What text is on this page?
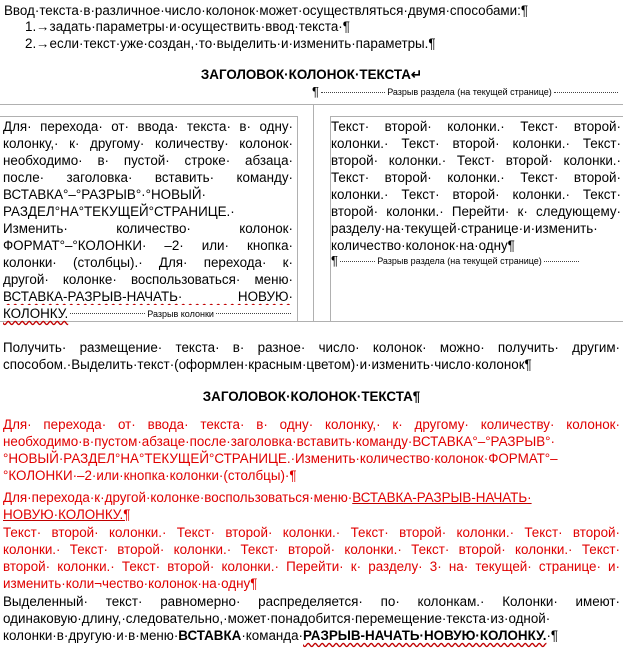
Ввод·текста·в·различное·число·колонок·может·осуществляться·двумя·способами:¶
1.→задать·параметры·и·осуществить·ввод·текста·¶
2.→если·текст·уже·создан,·то·выделить·и·изменить·параметры.¶
ЗАГОЛОВОК·КОЛОНОК·ТЕКСТА↵
¶	Разрыв раздела (на текущей странице)
Для· перехода· от· ввода· текста· в· одну·
колонку,· к· другому· количеству· колонок·
необходимо· в· пустой· строке· абзаца·
после· заголовка· вставить· команду·
ВСТАВКА°–°РАЗРЫВ°·°НОВЫЙ·
РАЗДЕЛ°НА°ТЕКУЩЕЙ°СТРАНИЦЕ.·
Изменить· количество· колонок·
ФОРМАТ°–°КОЛОНКИ· –2· или· кнопка·
колонки· (столбцы).· Для· перехода· к·
другой· колонке· воспользоваться· меню·
ВСТАВКА-РАЗРЫВ-НАЧАТЬ· НОВУЮ·
КОЛОНКУ.	Разрыв колонки
Текст· второй· колонки.· Текст· второй·
колонки.· Текст· второй· колонки.· Текст·
второй· колонки.· Текст· второй· колонки.·
Текст· второй· колонки.· Текст· второй·
колонки.· Текст· второй· колонки.· Текст·
второй· колонки.· Перейти· к· следующему·
разделу·на·текущей·странице·и·изменить·
количество·колонок·на·одну¶
¶	Разрыв раздела (на текущей странице)
Получить· размещение· текста· в· разное· число· колонок· можно· получить· другим·
способом.·Выделить·текст·(оформлен·красным·цветом)·и·изменить·число·колонок¶
ЗАГОЛОВОК·КОЛОНОК·ТЕКСТА¶
Для· перехода· от· ввода· текста· в· одну· колонку,· к· другому· количеству· колонок·
необходимо·в·пустом·абзаце·после·заголовка·вставить·команду·ВСТАВКА°–°РАЗРЫВ°·
°НОВЫЙ·РАЗДЕЛ°НА°ТЕКУЩЕЙ°СТРАНИЦЕ.·Изменить·количество·колонок·ФОРМАТ°–
°КОЛОНКИ·–2·или·кнопка·колонки·(столбцы)·¶
Для·перехода·к·другой·колонке·воспользоваться·меню·ВСТАВКА-РАЗРЫВ-НАЧАТЬ·
НОВУЮ·КОЛОНКУ.¶
Текст· второй· колонки.· Текст· второй· колонки.· Текст· второй· колонки.· Текст· второй·
колонки.· Текст· второй· колонки.· Текст· второй· колонки.· Текст· второй· колонки.· Текст·
второй· колонки.· Текст· второй· колонки.· Перейти· к· разделу· 3· на· текущей· странице· и·
изменить·коли¬чество·колонок·на·одну¶
Выделенный· текст· равномерно· распределяется· по· колонкам.· Колонки· имеют·
одинаковую·длину,·следовательно,·может·понадобится·перемещение·текста·из·одной·
колонки·в·другую·и·в·меню·ВСТАВКА·команда·РАЗРЫВ-НАЧАТЬ·НОВУЮ·КОЛОНКУ.·¶
